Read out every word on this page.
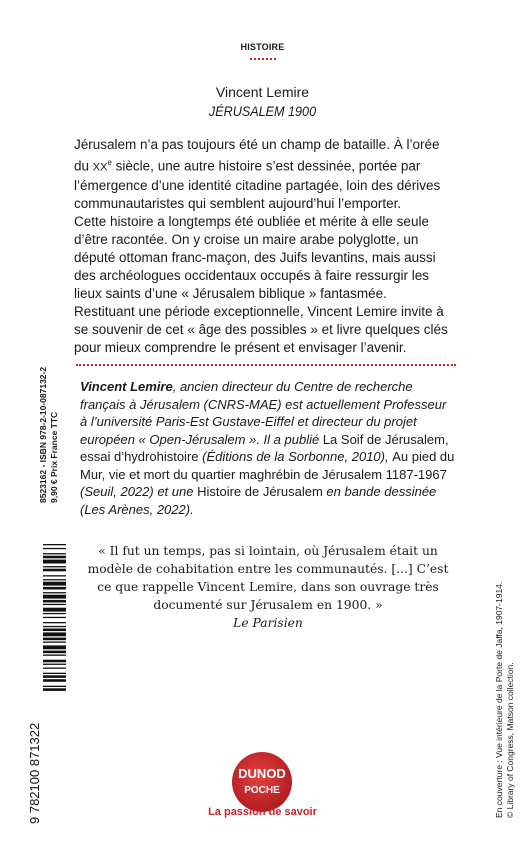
HISTOIRE
Vincent Lemire
JÉRUSALEM 1900

Jérusalem n’a pas toujours été un champ de bataille. À l’orée du XXe siècle, une autre histoire s’est dessinée, portée par l’émergence d’une identité citadine partagée, loin des dérives communautaristes qui semblent aujourd’hui l’emporter.

Cette histoire a longtemps été oubliée et mérite à elle seule d’être racontée. On y croise un maire arabe polyglotte, un député ottoman franc-maçon, des Juifs levantins, mais aussi des archéologues occidentaux occupés à faire ressurgir les lieux saints d’une « Jérusalem biblique » fantasmée.

Restituant une période exceptionnelle, Vincent Lemire invite à se souvenir de cet « âge des possibles » et livre quelques clés pour mieux comprendre le présent et envisager l’avenir.

Vincent Lemire, ancien directeur du Centre de recherche français à Jérusalem (CNRS-MAE) est actuellement Professeur à l’université Paris-Est Gustave-Eiffel et directeur du projet européen « Open-Jérusalem ». Il a publié La Soif de Jérusalem, essai d’hydrohistoire (Éditions de la Sorbonne, 2010), Au pied du Mur, vie et mort du quartier maghrébin de Jérusalem 1187-1967 (Seuil, 2022) et une Histoire de Jérusalem en bande dessinée (Les Arènes, 2022).
« Il fut un temps, pas si lointain, où Jérusalem était un modèle de cohabitation entre les communautés. [...] C’est ce que rappelle Vincent Lemire, dans son ouvrage très documenté sur Jérusalem en 1900. »
Le Parisien
8523162 - ISBN 978-2-10-087132-2 9,90 € Prix France TTC
9 782100 871322	En couverture : Vue intérieure de la Porte de Jaffa, 1907-1914. © Library of Congress, Matson collection.
DUNOD
POCHE
La passion de savoir
